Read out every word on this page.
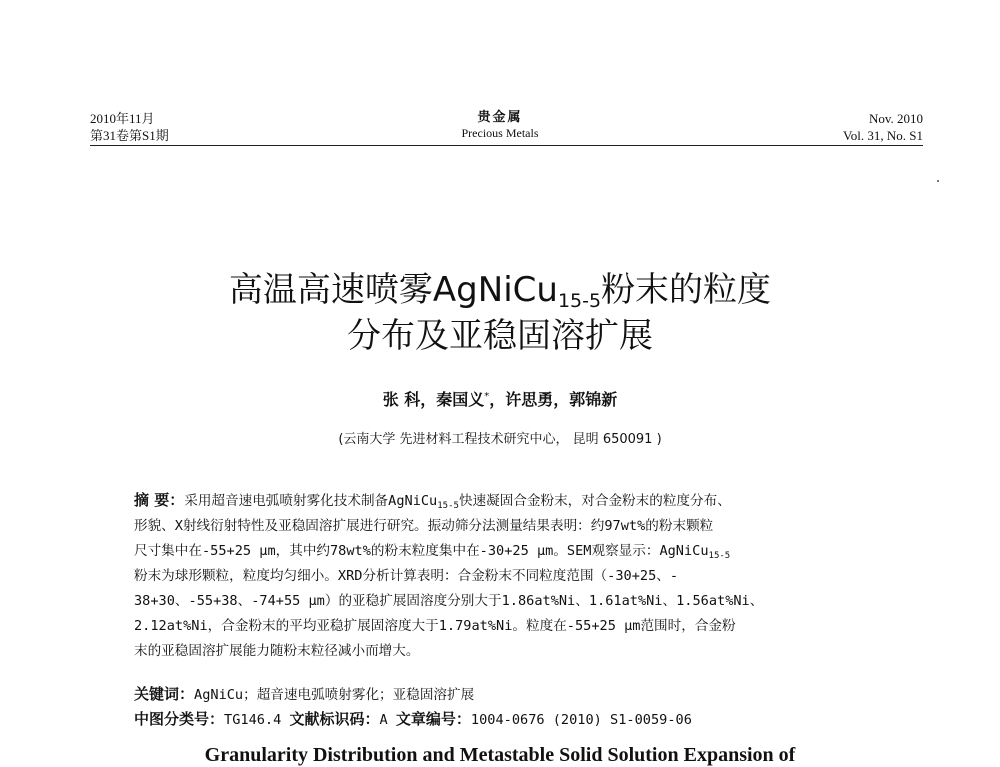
2010年11月
第31卷第S1期
贵金属
Precious Metals
Nov. 2010
Vol. 31, No. S1
高温高速喷雾AgNiCu$_{15-5}$粉末的粒度
分布及亚稳固溶扩展
张 科，秦国义*，许思勇，郭锦新
(云南大学 先进材料工程技术研究中心， 昆明 650091 )
摘 要：采用超音速电弧喷射雾化技术制备AgNiCu$_{15-5}$快速凝固合金粉末，对合金粉末的粒度分布、
形貌、X射线衍射特性及亚稳固溶扩展进行研究。振动筛分法测量结果表明：约97wt%的粉末颗粒
尺寸集中在-55+25 μm，其中约78wt%的粉末粒度集中在-30+25 μm。SEM观察显示：AgNiCu$_{15-5}$
粉末为球形颗粒，粒度均匀细小。XRD分析计算表明：合金粉末不同粒度范围（-30+25、-
38+30、-55+38、-74+55 μm）的亚稳扩展固溶度分别大于1.86at%Ni、1.61at%Ni、1.56at%Ni、
2.12at%Ni，合金粉末的平均亚稳扩展固溶度大于1.79at%Ni。粒度在-55+25 μm范围时，合金粉
末的亚稳固溶扩展能力随粉末粒径减小而增大。
关键词：AgNiCu；超音速电弧喷射雾化；亚稳固溶扩展
中图分类号：TG146.4 文献标识码：A 文章编号：1004-0676 (2010) S1-0059-06
Granularity Distribution and Metastable Solid Solution Expansion of
